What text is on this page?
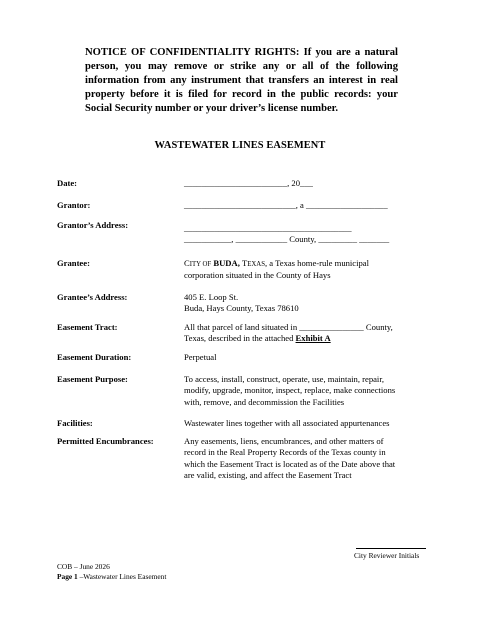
NOTICE OF CONFIDENTIALITY RIGHTS: If you are a natural person, you may remove or strike any or all of the following information from any instrument that transfers an interest in real property before it is filed for record in the public records: your Social Security number or your driver’s license number.
WASTEWATER LINES EASEMENT
Date:	________________________, 20___
Grantor:	__________________________, a ___________________
Grantor’s Address:	_______________________________________
___________, ____________ County, _________ _______
Grantee:	CITY OF BUDA, TEXAS, a Texas home-rule municipal
corporation situated in the County of Hays
Grantee’s Address:	405 E. Loop St.
Buda, Hays County, Texas 78610
Easement Tract:	All that parcel of land situated in _______________ County,
Texas, described in the attached Exhibit A
Easement Duration:	Perpetual
Easement Purpose:	To access, install, construct, operate, use, maintain, repair,
modify, upgrade, monitor, inspect, replace, make connections
with, remove, and decommission the Facilities
Facilities:	Wastewater lines together with all associated appurtenances
Permitted Encumbrances:	Any easements, liens, encumbrances, and other matters of
record in the Real Property Records of the Texas county in
which the Easement Tract is located as of the Date above that
are valid, existing, and affect the Easement Tract
City Reviewer Initials
COB – June 2026
Page 1 –Wastewater Lines Easement
